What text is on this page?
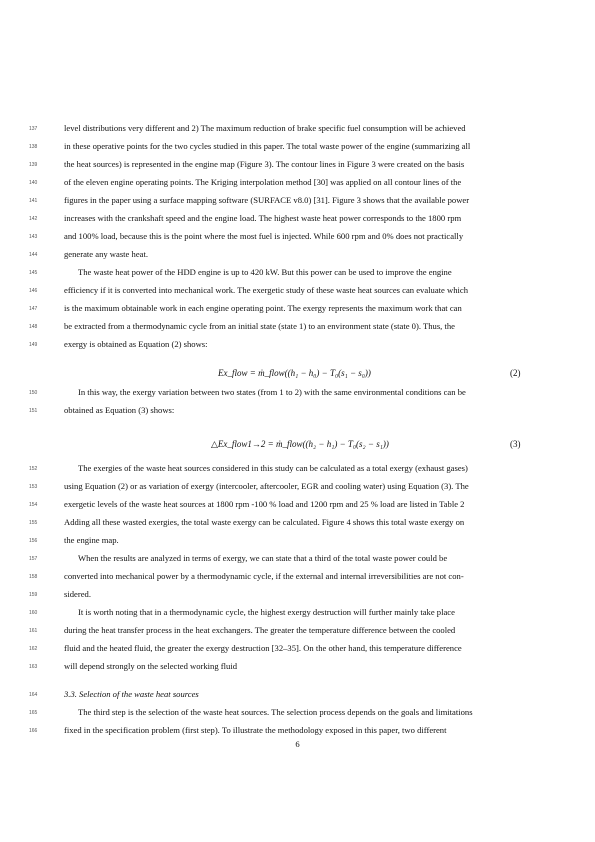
137	level distributions very different and 2) The maximum reduction of brake specific fuel consumption will be achieved
138	in these operative points for the two cycles studied in this paper. The total waste power of the engine (summarizing all
139	the heat sources) is represented in the engine map (Figure 3). The contour lines in Figure 3 were created on the basis
140	of the eleven engine operating points. The Kriging interpolation method [30] was applied on all contour lines of the
141	figures in the paper using a surface mapping software (SURFACE v8.0) [31]. Figure 3 shows that the available power
142	increases with the crankshaft speed and the engine load. The highest waste heat power corresponds to the 1800 rpm
143	and 100% load, because this is the point where the most fuel is injected. While 600 rpm and 0% does not practically
144	generate any waste heat.
145	The waste heat power of the HDD engine is up to 420 kW. But this power can be used to improve the engine
146	efficiency if it is converted into mechanical work. The exergetic study of these waste heat sources can evaluate which
147	is the maximum obtainable work in each engine operating point. The exergy represents the maximum work that can
148	be extracted from a thermodynamic cycle from an initial state (state 1) to an environment state (state 0). Thus, the
149	exergy is obtained as Equation (2) shows:
Ex_flow = ṁ_flow((h₁ − h₀) − T₀(s₁ − s₀))	(2)
150	In this way, the exergy variation between two states (from 1 to 2) with the same environmental conditions can be
151	obtained as Equation (3) shows:
△Ex_flow1→2 = ṁ_flow((h₂ − h₁) − T₀(s₂ − s₁))	(3)
152	The exergies of the waste heat sources considered in this study can be calculated as a total exergy (exhaust gases)
153	using Equation (2) or as variation of exergy (intercooler, aftercooler, EGR and cooling water) using Equation (3). The
154	exergetic levels of the waste heat sources at 1800 rpm -100 % load and 1200 rpm and 25 % load are listed in Table 2
155	Adding all these wasted exergies, the total waste exergy can be calculated. Figure 4 shows this total waste exergy on
156	the engine map.
157	When the results are analyzed in terms of exergy, we can state that a third of the total waste power could be
158	converted into mechanical power by a thermodynamic cycle, if the external and internal irreversibilities are not con-
159	sidered.
160	It is worth noting that in a thermodynamic cycle, the highest exergy destruction will further mainly take place
161	during the heat transfer process in the heat exchangers. The greater the temperature difference between the cooled
162	fluid and the heated fluid, the greater the exergy destruction [32–35]. On the other hand, this temperature difference
163	will depend strongly on the selected working fluid
164	3.3. Selection of the waste heat sources
165	The third step is the selection of the waste heat sources. The selection process depends on the goals and limitations
166	fixed in the specification problem (first step). To illustrate the methodology exposed in this paper, two different
6
